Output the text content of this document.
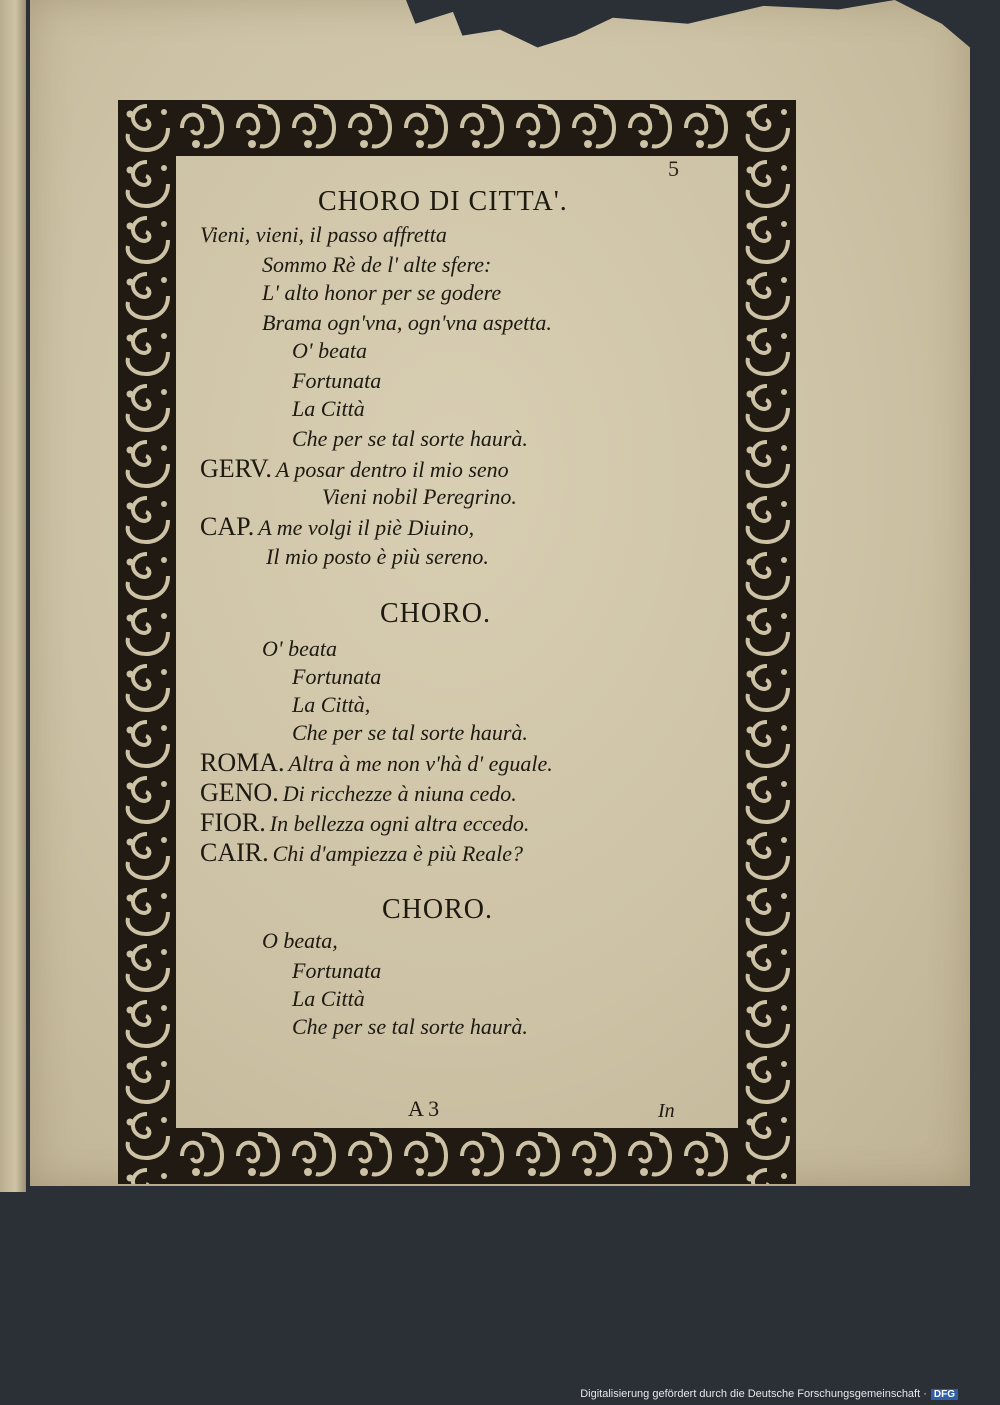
5
CHORO DI CITTA'.
Vieni, vieni, il passo affretta
Sommo Rè de l' alte sfere:
L' alto honor per se godere
Brama ogn'vna, ogn'vna aspetta.
O' beata
Fortunata
La Città
Che per se tal sorte haurà.
GERV. A posar dentro il mio seno
Vieni nobil Peregrino.
CAP. A me volgi il piè Diuino,
Il mio posto è più sereno.
CHORO.
O' beata
Fortunata
La Città,
Che per se tal sorte haurà.
ROMA. Altra à me non v'hà d' eguale.
GENO. Di ricchezze à niuna cedo.
FIOR. In bellezza ogni altra eccedo.
CAIR. Chi d'ampiezza è più Reale?
CHORO.
O beata,
Fortunata
La Città
Che per se tal sorte haurà.
A 3	In
Digitalisierung gefördert durch die Deutsche Forschungsgemeinschaft · DFG
